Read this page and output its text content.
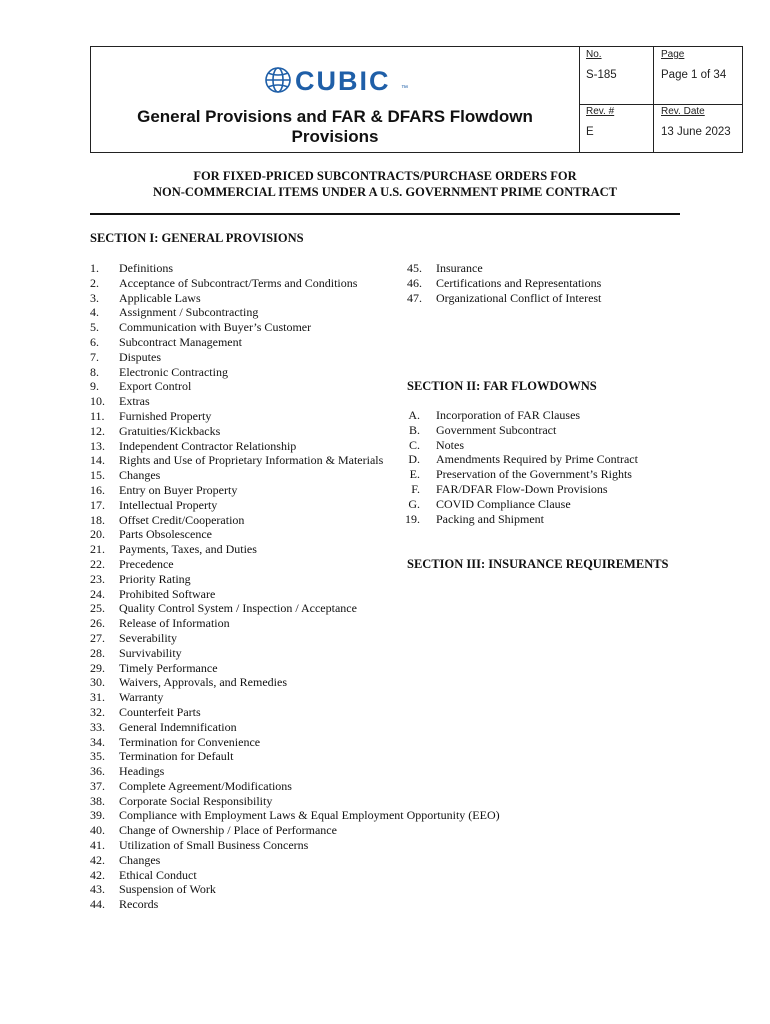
CUBIC ™
General Provisions and FAR & DFARS Flowdown
Provisions
No.
S-185
Page
Page 1 of 34
Rev. #
E
Rev. Date
13 June 2023
FOR FIXED-PRICED SUBCONTRACTS/PURCHASE ORDERS FOR
NON-COMMERCIAL ITEMS UNDER A U.S. GOVERNMENT PRIME CONTRACT
SECTION I: GENERAL PROVISIONS
1. Definitions
2. Acceptance of Subcontract/Terms and Conditions
3. Applicable Laws
4. Assignment / Subcontracting
5. Communication with Buyer’s Customer
6. Subcontract Management
7. Disputes
8. Electronic Contracting
9. Export Control
10. Extras
11. Furnished Property
12. Gratuities/Kickbacks
13. Independent Contractor Relationship
14. Rights and Use of Proprietary Information & Materials
15. Changes
16. Entry on Buyer Property
17. Intellectual Property
18. Offset Credit/Cooperation
20. Parts Obsolescence
21. Payments, Taxes, and Duties
22. Precedence
23. Priority Rating
24. Prohibited Software
25. Quality Control System / Inspection / Acceptance
26. Release of Information
27. Severability
28. Survivability
29. Timely Performance
30. Waivers, Approvals, and Remedies
31. Warranty
32. Counterfeit Parts
33. General Indemnification
34. Termination for Convenience
35. Termination for Default
36. Headings
37. Complete Agreement/Modifications
38. Corporate Social Responsibility
39. Compliance with Employment Laws & Equal Employment Opportunity (EEO)
40. Change of Ownership / Place of Performance
41. Utilization of Small Business Concerns
42. Changes
42. Ethical Conduct
43. Suspension of Work
44. Records
45. Insurance
46. Certifications and Representations
47. Organizational Conflict of Interest
SECTION II: FAR FLOWDOWNS
A. Incorporation of FAR Clauses
B. Government Subcontract
C. Notes
D. Amendments Required by Prime Contract
E. Preservation of the Government’s Rights
F. FAR/DFAR Flow-Down Provisions
G. COVID Compliance Clause
19. Packing and Shipment
SECTION III: INSURANCE REQUIREMENTS
